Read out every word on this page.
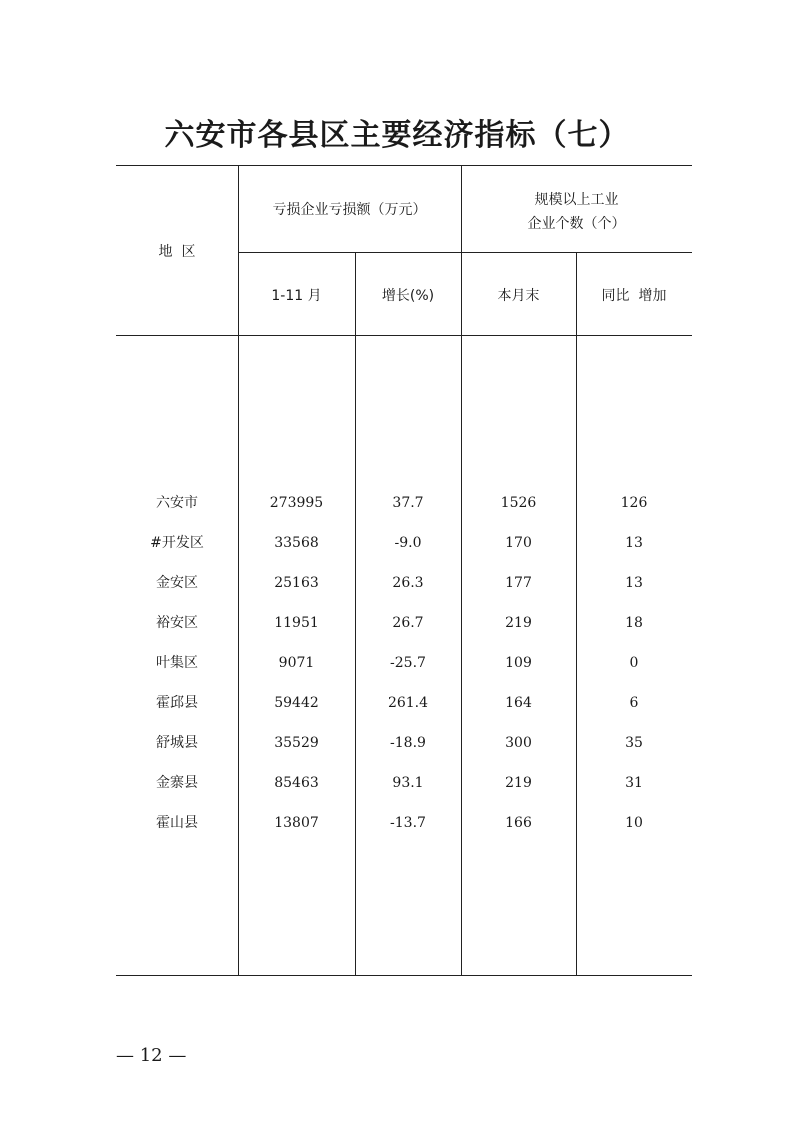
六安市各县区主要经济指标（七）
地  区
亏损企业亏损额（万元）
规模以上工业
企业个数（个）
1-11 月	增长(%)	本月末	同比  增加
六安市	273995	37.7	1526	126
#开发区	33568	-9.0	170	13
金安区	25163	26.3	177	13
裕安区	11951	26.7	219	18
叶集区	9071	-25.7	109	0
霍邱县	59442	261.4	164	6
舒城县	35529	-18.9	300	35
金寨县	85463	93.1	219	31
霍山县	13807	-13.7	166	10
— 12 —
